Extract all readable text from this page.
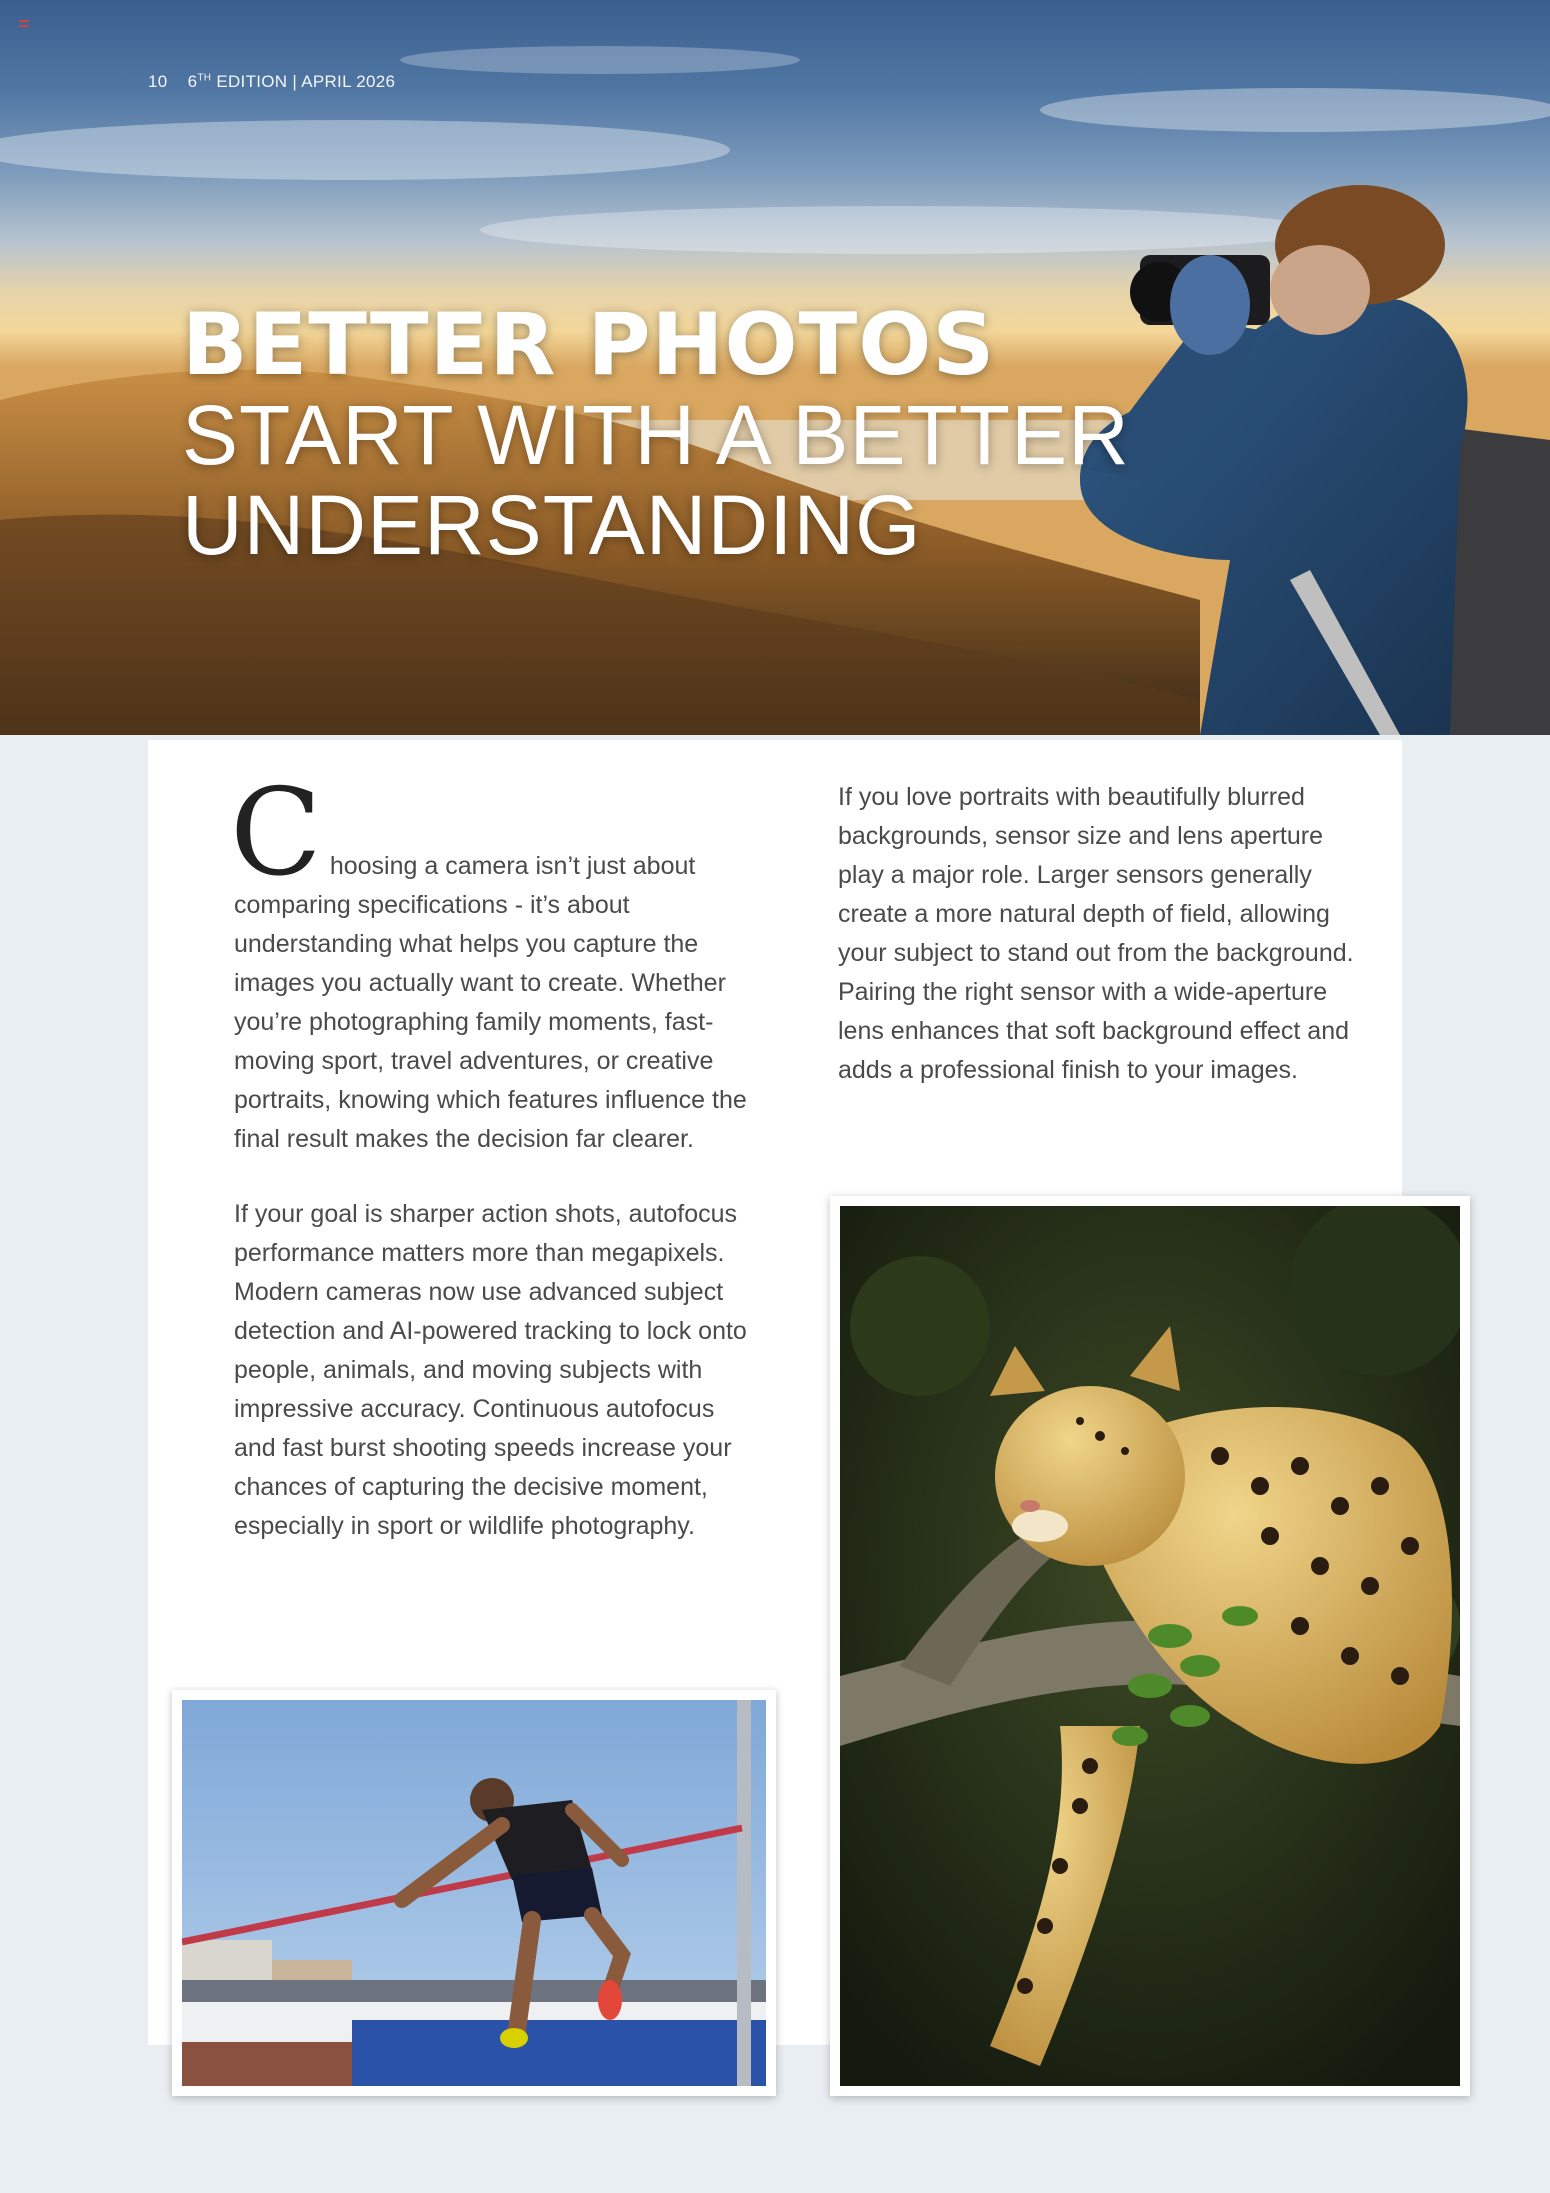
10 6TH EDITION | APRIL 2026
BETTER PHOTOS
START WITH A BETTER
UNDERSTANDING

Choosing a camera isn’t just about comparing specifications - it’s about understanding what helps you capture the images you actually want to create. Whether you’re photographing family moments, fast-moving sport, travel adventures, or creative portraits, knowing which features influence the final result makes the decision far clearer.

If your goal is sharper action shots, autofocus performance matters more than megapixels. Modern cameras now use advanced subject detection and AI-powered tracking to lock onto people, animals, and moving subjects with impressive accuracy. Continuous autofocus and fast burst shooting speeds increase your chances of capturing the decisive moment, especially in sport or wildlife photography.

If you love portraits with beautifully blurred backgrounds, sensor size and lens aperture play a major role. Larger sensors generally create a more natural depth of field, allowing your subject to stand out from the background. Pairing the right sensor with a wide-aperture lens enhances that soft background effect and adds a professional finish to your images.
